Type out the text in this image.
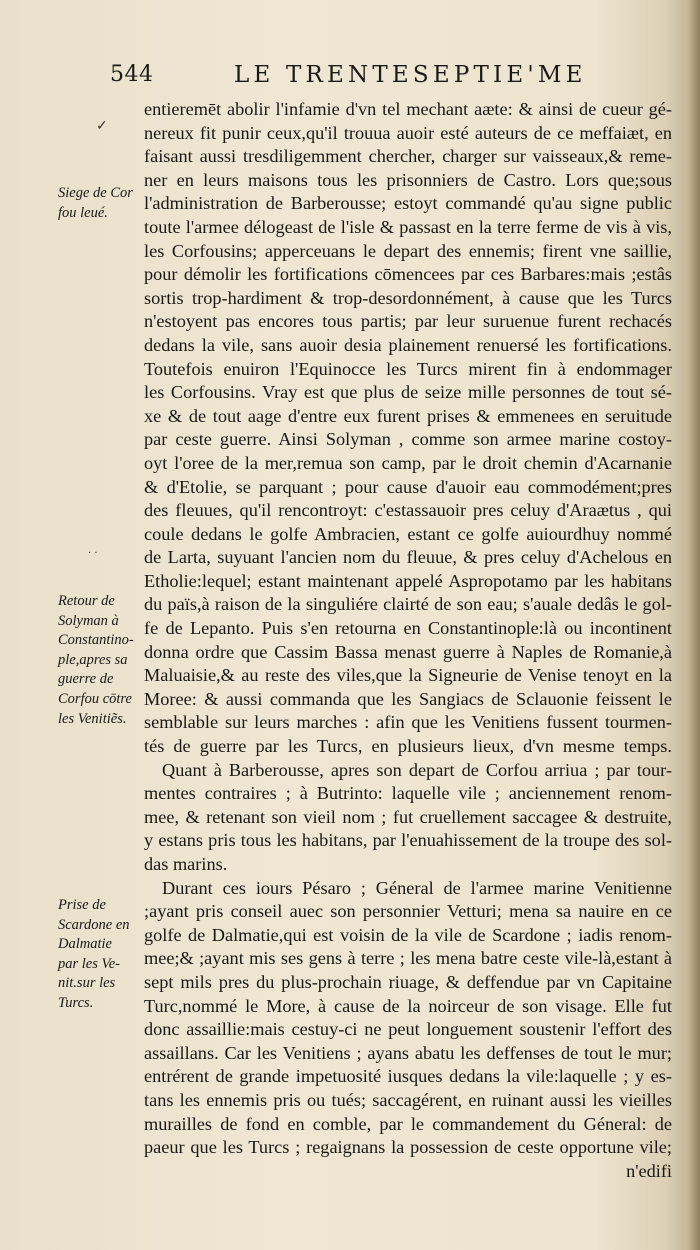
544	LE TRENTESEPTIE'ME
✓
· ·
Siege de Cor
fou leué.
Retour de
Solyman à
Constantino-
ple,apres sa
guerre de
Corfou cōtre
les Venitiẽs.
Prise de
Scardone en
Dalmatie
par les Ve-
nit.sur les
Turcs.
entieremēt abolir l'infamie d'vn tel mechant aæte: & ainsi de cueur gé-
nereux fit punir ceux,qu'il trouua auoir esté auteurs de ce meffaiæt, en
faisant aussi tresdiligemment chercher, charger sur vaisseaux,& reme-
ner en leurs maisons tous les prisonniers de Castro. Lors que;sous
l'administration de Barberousse; estoyt commandé qu'au signe public
toute l'armee délogeast de l'isle & passast en la terre ferme de vis à vis,
les Corfousins; apperceuans le depart des ennemis; firent vne saillie,
pour démolir les fortifications cōmencees par ces Barbares:mais ;estâs
sortis trop-hardiment & trop-desordonnément, à cause que les Turcs
n'estoyent pas encores tous partis; par leur suruenue furent rechacés
dedans la vile, sans auoir desia plainement renuersé les fortifications.
Toutefois enuiron l'Equinocce les Turcs mirent fin à endommager
les Corfousins. Vray est que plus de seize mille personnes de tout sé-
xe & de tout aage d'entre eux furent prises & emmenees en seruitude
par ceste guerre. Ainsi Solyman , comme son armee marine costoy-
oyt l'oree de la mer,remua son camp, par le droit chemin d'Acarnanie
& d'Etolie, se parquant ; pour cause d'auoir eau commodément;pres
des fleuues, qu'il rencontroyt: c'estassauoir pres celuy d'Araætus , qui
coule dedans le golfe Ambracien, estant ce golfe auiourdhuy nommé
de Larta, suyuant l'ancien nom du fleuue, & pres celuy d'Achelous en
Etholie:lequel; estant maintenant appelé Aspropotamo par les habitans
du païs,à raison de la singuliére clairté de son eau; s'auale dedâs le gol-
fe de Lepanto. Puis s'en retourna en Constantinople:là ou incontinent
donna ordre que Cassim Bassa menast guerre à Naples de Romanie,à
Maluaisie,& au reste des viles,que la Signeurie de Venise tenoyt en la
Moree: & aussi commanda que les Sangiacs de Sclauonie feissent le
semblable sur leurs marches : afin que les Venitiens fussent tourmen-
tés de guerre par les Turcs, en plusieurs lieux, d'vn mesme temps.
Quant à Barberousse, apres son depart de Corfou arriua ; par tour-
mentes contraires ; à Butrinto: laquelle vile ; anciennement renom-
mee, & retenant son vieil nom ; fut cruellement saccagee & destruite,
y estans pris tous les habitans, par l'enuahissement de la troupe des sol-
das marins.
Durant ces iours Pésaro ; Géneral de l'armee marine Venitienne
;ayant pris conseil auec son personnier Vetturi; mena sa nauire en ce
golfe de Dalmatie,qui est voisin de la vile de Scardone ; iadis renom-
mee;& ;ayant mis ses gens à terre ; les mena batre ceste vile-là,estant à
sept mils pres du plus-prochain riuage, & deffendue par vn Capitaine
Turc,nommé le More, à cause de la noirceur de son visage. Elle fut
donc assaillie:mais cestuy-ci ne peut longuement soustenir l'effort des
assaillans. Car les Venitiens ; ayans abatu les deffenses de tout le mur;
entrérent de grande impetuosité iusques dedans la vile:laquelle ; y es-
tans les ennemis pris ou tués; saccagérent, en ruinant aussi les vieilles
murailles de fond en comble, par le commandement du Géneral: de
paeur que les Turcs ; regaignans la possession de ceste opportune vile;
n'edifi
